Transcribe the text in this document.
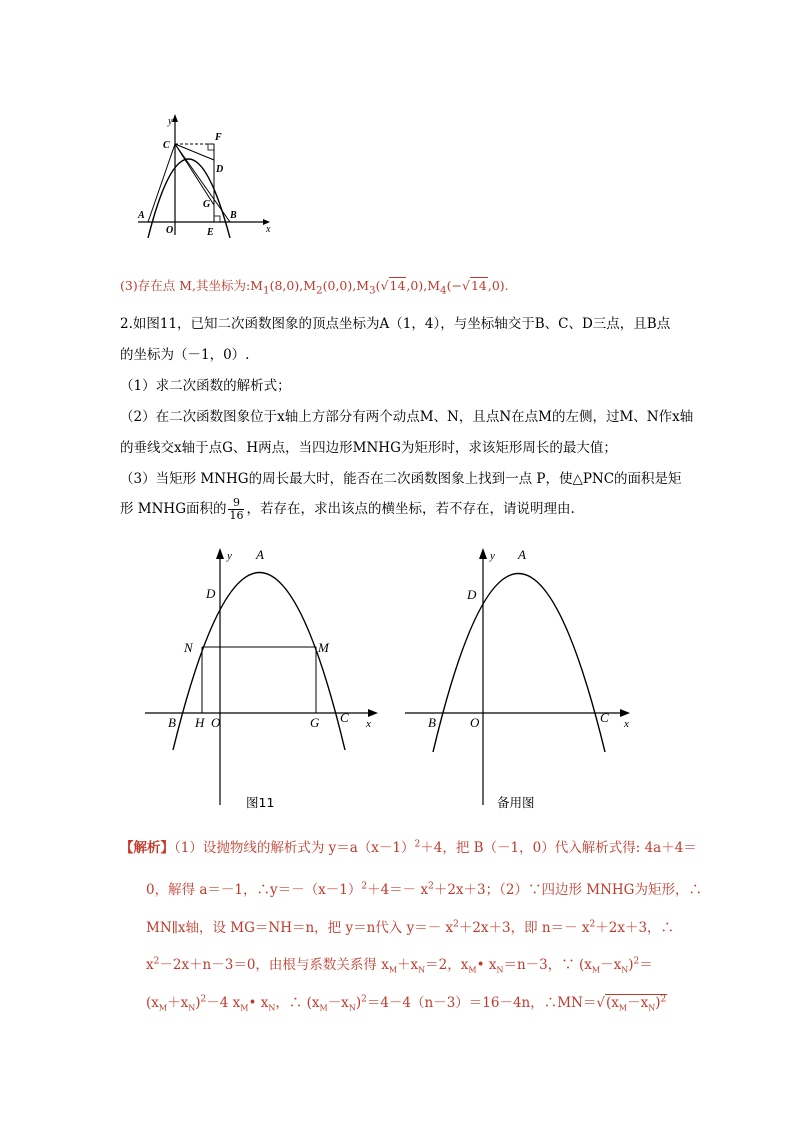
y
x
C
F
D
G
B
A
O	E
(3)存在点 M,其坐标为$:M_1(8,0),M_2(0,0),M_3(√14,0),M_4(-√14,0)$.
2.如图11，已知二次函数图象的顶点坐标为A（1，4），与坐标轴交于B、C、D三点，且B点
的坐标为（－1，0）.
（1）求二次函数的解析式；
（2）在二次函数图象位于x轴上方部分有两个动点M、N，且点N在点M的左侧，过M、N作x轴
的垂线交x轴于点G、H两点，当四边形MNHG为矩形时，求该矩形周长的最大值；
（3）当矩形 MNHG的周长最大时，能否在二次函数图象上找到一点 P，使△PNC的面积是矩
形 MNHG面积的 $\frac{9}{16}$ ，若存在，求出该点的横坐标，若不存在，请说明理由.
y A
D
N	M
B H O	G C x
图11
y A
D
B	O	C x
备用图
【解析】（1）设抛物线的解析式为 $y=a(x-1)^2+4$，把 B（－1，0）代入解析式得: 4a＋4＝
0，解得 a＝－1，$\therefore y=-(x-1)^2+4=- x^2+2x+3$；（2）∵四边形 MNHG为矩形，∴
MN∥x轴，设 MG＝NH＝n，把 y＝n代入 $y=- x^2+2x+3$，即 $n=- x^2+2x+3$，∴
$x^2-2x+n-3=0$，由根与系数关系得 $x_M+x_N=2$，$x_M•$ $x_N=n-3$，∵ $(x_M-x_N)^2=$
$(x_M+x_N)^2-4$ $x_M•$ $x_N$，∴ $(x_M-x_N)^2=4-4(n-3)=16-4n$，$\therefore MN=√(x_M-x_N)^2$
